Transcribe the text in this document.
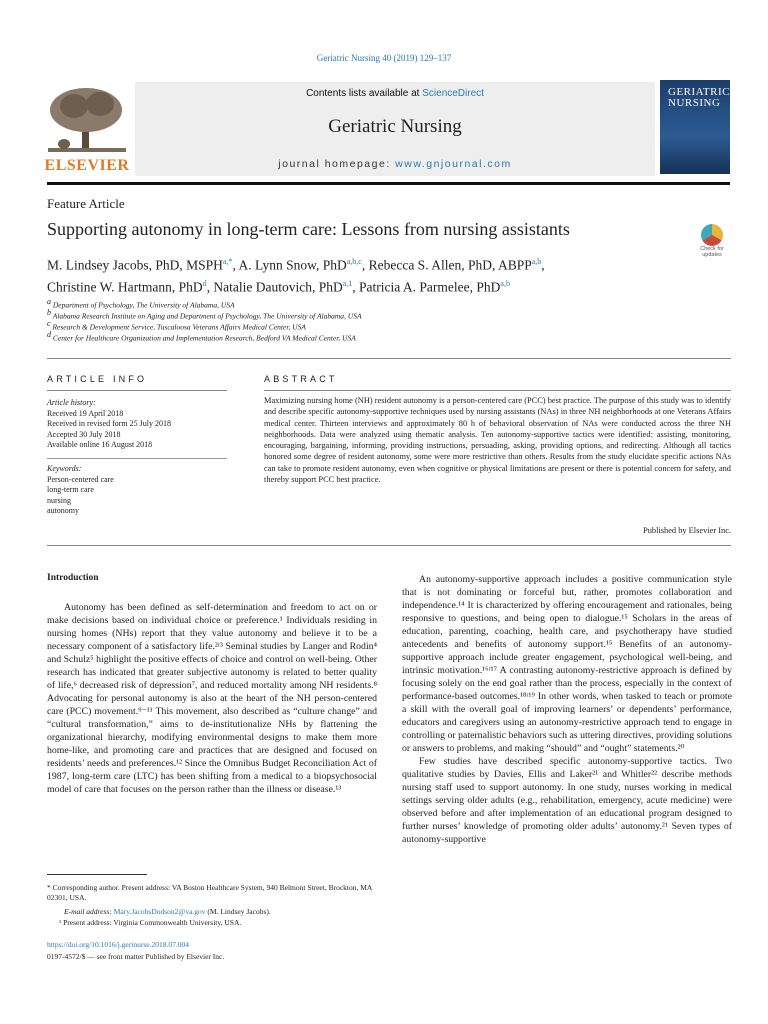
Geriatric Nursing 40 (2019) 129–137
ELSEVIER
Contents lists available at ScienceDirect
Geriatric Nursing
journal homepage: www.gnjournal.com
GERIATRIC
NURSING
Feature Article
Supporting autonomy in long-term care: Lessons from nursing assistants
Check for updates
M. Lindsey Jacobs, PhD, $MSPH^{a,*}$, A. Lynn Snow, PhD$^{a,b,c}$, Rebecca S. Allen, PhD, ABPP$^{a,b}$,
Christine W. Hartmann, PhD$^d$, Natalie Dautovich, PhD$^{a,1}$, Patricia A. Parmelee, PhD$^{a,b}$
$^a$ Department of Psychology, The University of Alabama, USA
$^b$ Alabama Research Institute on Aging and Department of Psychology, The University of Alabama, USA
$^c$ Research & Development Service, Tuscaloosa Veterans Affairs Medical Center, USA
$^d$ Center for Healthcare Organization and Implementation Research, Bedford VA Medical Center, USA
ARTICLE INFO	ABSTRACT
Article history:
Received 19 April 2018
Received in revised form 25 July 2018
Accepted 30 July 2018
Available online 16 August 2018
Keywords:
Person-centered care
long-term care
nursing
autonomy
Maximizing nursing home (NH) resident autonomy is a person-centered care (PCC) best practice. The purpose of this study was to identify and describe specific autonomy-supportive techniques used by nursing assistants (NAs) in three NH neighborhoods at one Veterans Affairs medical center. Thirteen interviews and approximately 80 h of behavioral observation of NAs were conducted across the three NH neighborhoods. Data were analyzed using thematic analysis. Ten autonomy-supportive tactics were identified: assisting, monitoring, encouraging, bargaining, informing, providing instructions, persuading, asking, providing options, and redirecting. Although all tactics honored some degree of resident autonomy, some were more restrictive than others. Results from the study elucidate specific actions NAs can take to promote resident autonomy, even when cognitive or physical limitations are present or there is potential concern for safety, and thereby support PCC best practice.
Published by Elsevier Inc.
Introduction

Autonomy has been defined as self-determination and freedom to act on or make decisions based on individual choice or preference.¹ Individuals residing in nursing homes (NHs) report that they value autonomy and believe it to be a necessary component of a satisfactory life.²ʳ³ Seminal studies by Langer and Rodin⁴ and Schulz⁵ highlight the positive effects of choice and control on well-being. Other research has indicated that greater subjective autonomy is related to better quality of life,⁶ decreased risk of depression⁷, and reduced mortality among NH residents.⁸ Advocating for personal autonomy is also at the heart of the NH person-centered care (PCC) movement.⁹⁻¹¹ This movement, also described as “culture change” and “cultural transformation,” aims to de-institutionalize NHs by flattening the organizational hierarchy, modifying environmental designs to make them more home-like, and promoting care and practices that are designed and focused on residents’ needs and preferences.¹² Since the Omnibus Budget Reconciliation Act of 1987, long-term care (LTC) has been shifting from a medical to a biopsychosocial model of care that focuses on the person rather than the illness or disease.¹³

An autonomy-supportive approach includes a positive communication style that is not dominating or forceful but, rather, promotes collaboration and independence.¹⁴ It is characterized by offering encouragement and rationales, being responsive to questions, and being open to dialogue.¹⁵ Scholars in the areas of education, parenting, coaching, health care, and psychotherapy have studied antecedents and benefits of autonomy support.¹⁵ Benefits of an autonomy-supportive approach include greater engagement, psychological well-being, and intrinsic motivation.¹⁶ʳ¹⁷ A contrasting autonomy-restrictive approach is defined by focusing solely on the end goal rather than the process, especially in the context of performance-based outcomes.¹⁸ʳ¹⁹ In other words, when tasked to teach or promote a skill with the overall goal of improving learners’ or dependents’ performance, educators and caregivers using an autonomy-restrictive approach tend to engage in controlling or paternalistic behaviors such as uttering directives, providing solutions or answers to problems, and making “should” and “ought” statements.²⁰

Few studies have described specific autonomy-supportive tactics. Two qualitative studies by Davies, Ellis and Laker²¹ and Whitler²² describe methods nursing staff used to support autonomy. In one study, nurses working in medical settings serving older adults (e.g., rehabilitation, emergency, acute medicine) were observed before and after implementation of an educational program designed to further nurses’ knowledge of promoting older adults’ autonomy.²¹ Seven types of autonomy-supportive

* Corresponding author. Present address: VA Boston Healthcare System, 940 Belmont Street, Brockton, MA 02301, USA.
E-mail address: Mary.JacobsDodson2@va.gov (M. Lindsey Jacobs).
¹ Present address: Virginia Commonwealth University, USA.
https://doi.org/10.1016/j.gerinurse.2018.07.004
0197-4572/$ — see front matter Published by Elsevier Inc.
